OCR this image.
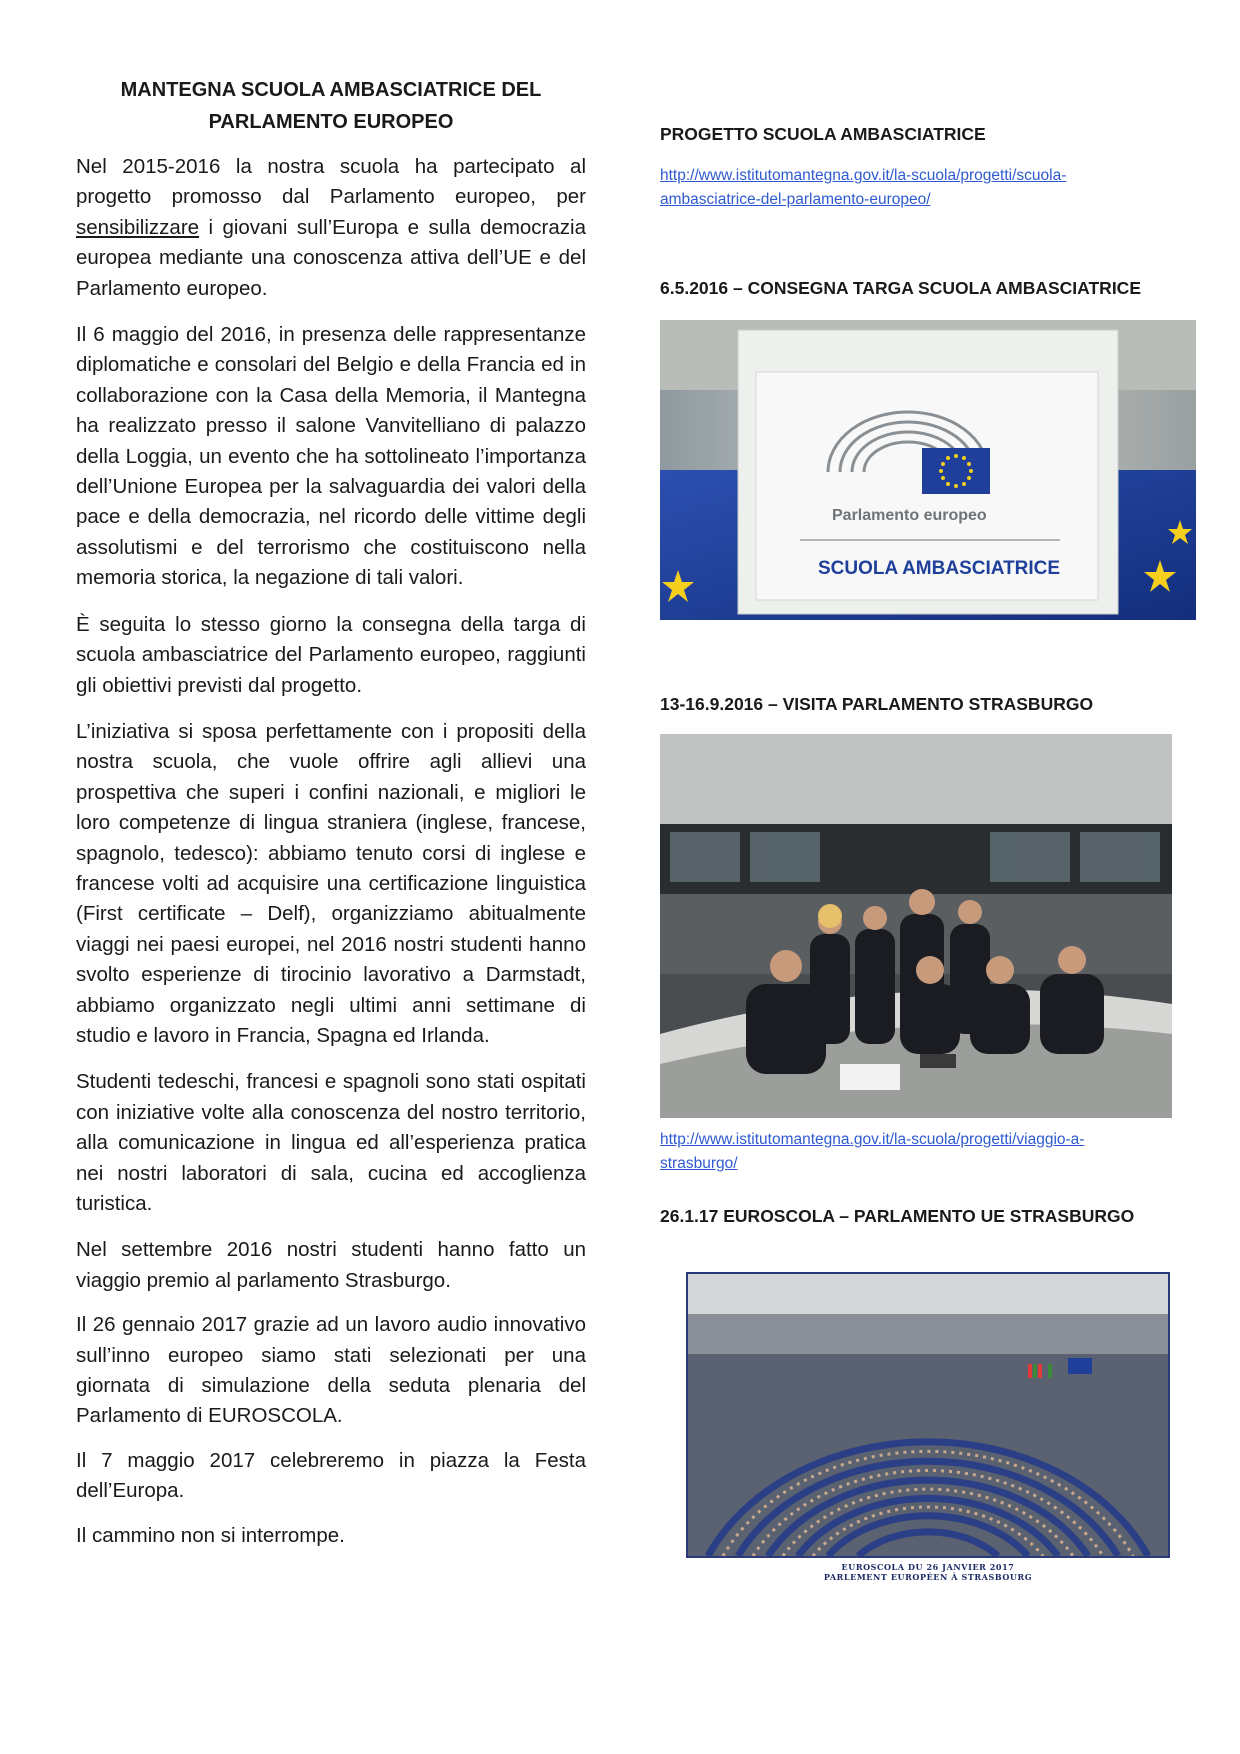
MANTEGNA SCUOLA AMBASCIATRICE DEL
PARLAMENTO EUROPEO

Nel 2015-2016 la nostra scuola ha partecipato al progetto promosso dal Parlamento europeo, per sensibilizzare i giovani sull’Europa e sulla democrazia europea mediante una conoscenza attiva dell’UE e del Parlamento europeo.

Il 6 maggio del 2016, in presenza delle rappresentanze diplomatiche e consolari del Belgio e della Francia ed in collaborazione con la Casa della Memoria, il Mantegna ha realizzato presso il salone Vanvitelliano di palazzo della Loggia, un evento che ha sottolineato l’importanza dell’Unione Europea per la salvaguardia dei valori della pace e della democrazia, nel ricordo delle vittime degli assolutismi e del terrorismo che costituiscono nella memoria storica, la negazione di tali valori.

È seguita lo stesso giorno la consegna della targa di scuola ambasciatrice del Parlamento europeo, raggiunti gli obiettivi previsti dal progetto.

L’iniziativa si sposa perfettamente con i propositi della nostra scuola, che vuole offrire agli allievi una prospettiva che superi i confini nazionali, e migliori le loro competenze di lingua straniera (inglese, francese, spagnolo, tedesco): abbiamo tenuto corsi di inglese e francese volti ad acquisire una certificazione linguistica (First certificate – Delf), organizziamo abitualmente viaggi nei paesi europei, nel 2016 nostri studenti hanno svolto esperienze di tirocinio lavorativo a Darmstadt, abbiamo organizzato negli ultimi anni settimane di studio e lavoro in Francia, Spagna ed Irlanda.

Studenti tedeschi, francesi e spagnoli sono stati ospitati con iniziative volte alla conoscenza del nostro territorio, alla comunicazione in lingua ed all’esperienza pratica nei nostri laboratori di sala, cucina ed accoglienza turistica.

Nel settembre 2016 nostri studenti hanno fatto un viaggio premio al parlamento Strasburgo.

Il 26 gennaio 2017 grazie ad un lavoro audio innovativo sull’inno europeo siamo stati selezionati per una giornata di simulazione della seduta plenaria del Parlamento di EUROSCOLA.

Il 7 maggio 2017 celebreremo in piazza la Festa dell’Europa.

Il cammino non si interrompe.

PROGETTO SCUOLA AMBASCIATRICE
http://www.istitutomantegna.gov.it/la-scuola/progetti/scuola-
ambasciatrice-del-parlamento-europeo/
6.5.2016 – CONSEGNA TARGA SCUOLA AMBASCIATRICE
Parlamento europeo
SCUOLA AMBASCIATRICE
13-16.9.2016 – VISITA PARLAMENTO STRASBURGO
http://www.istitutomantegna.gov.it/la-scuola/progetti/viaggio-a-
strasburgo/
26.1.17 EUROSCOLA – PARLAMENTO UE STRASBURGO
EUROSCOLA DU 26 JANVIER 2017
PARLEMENT EUROPÉEN À STRASBOURG
